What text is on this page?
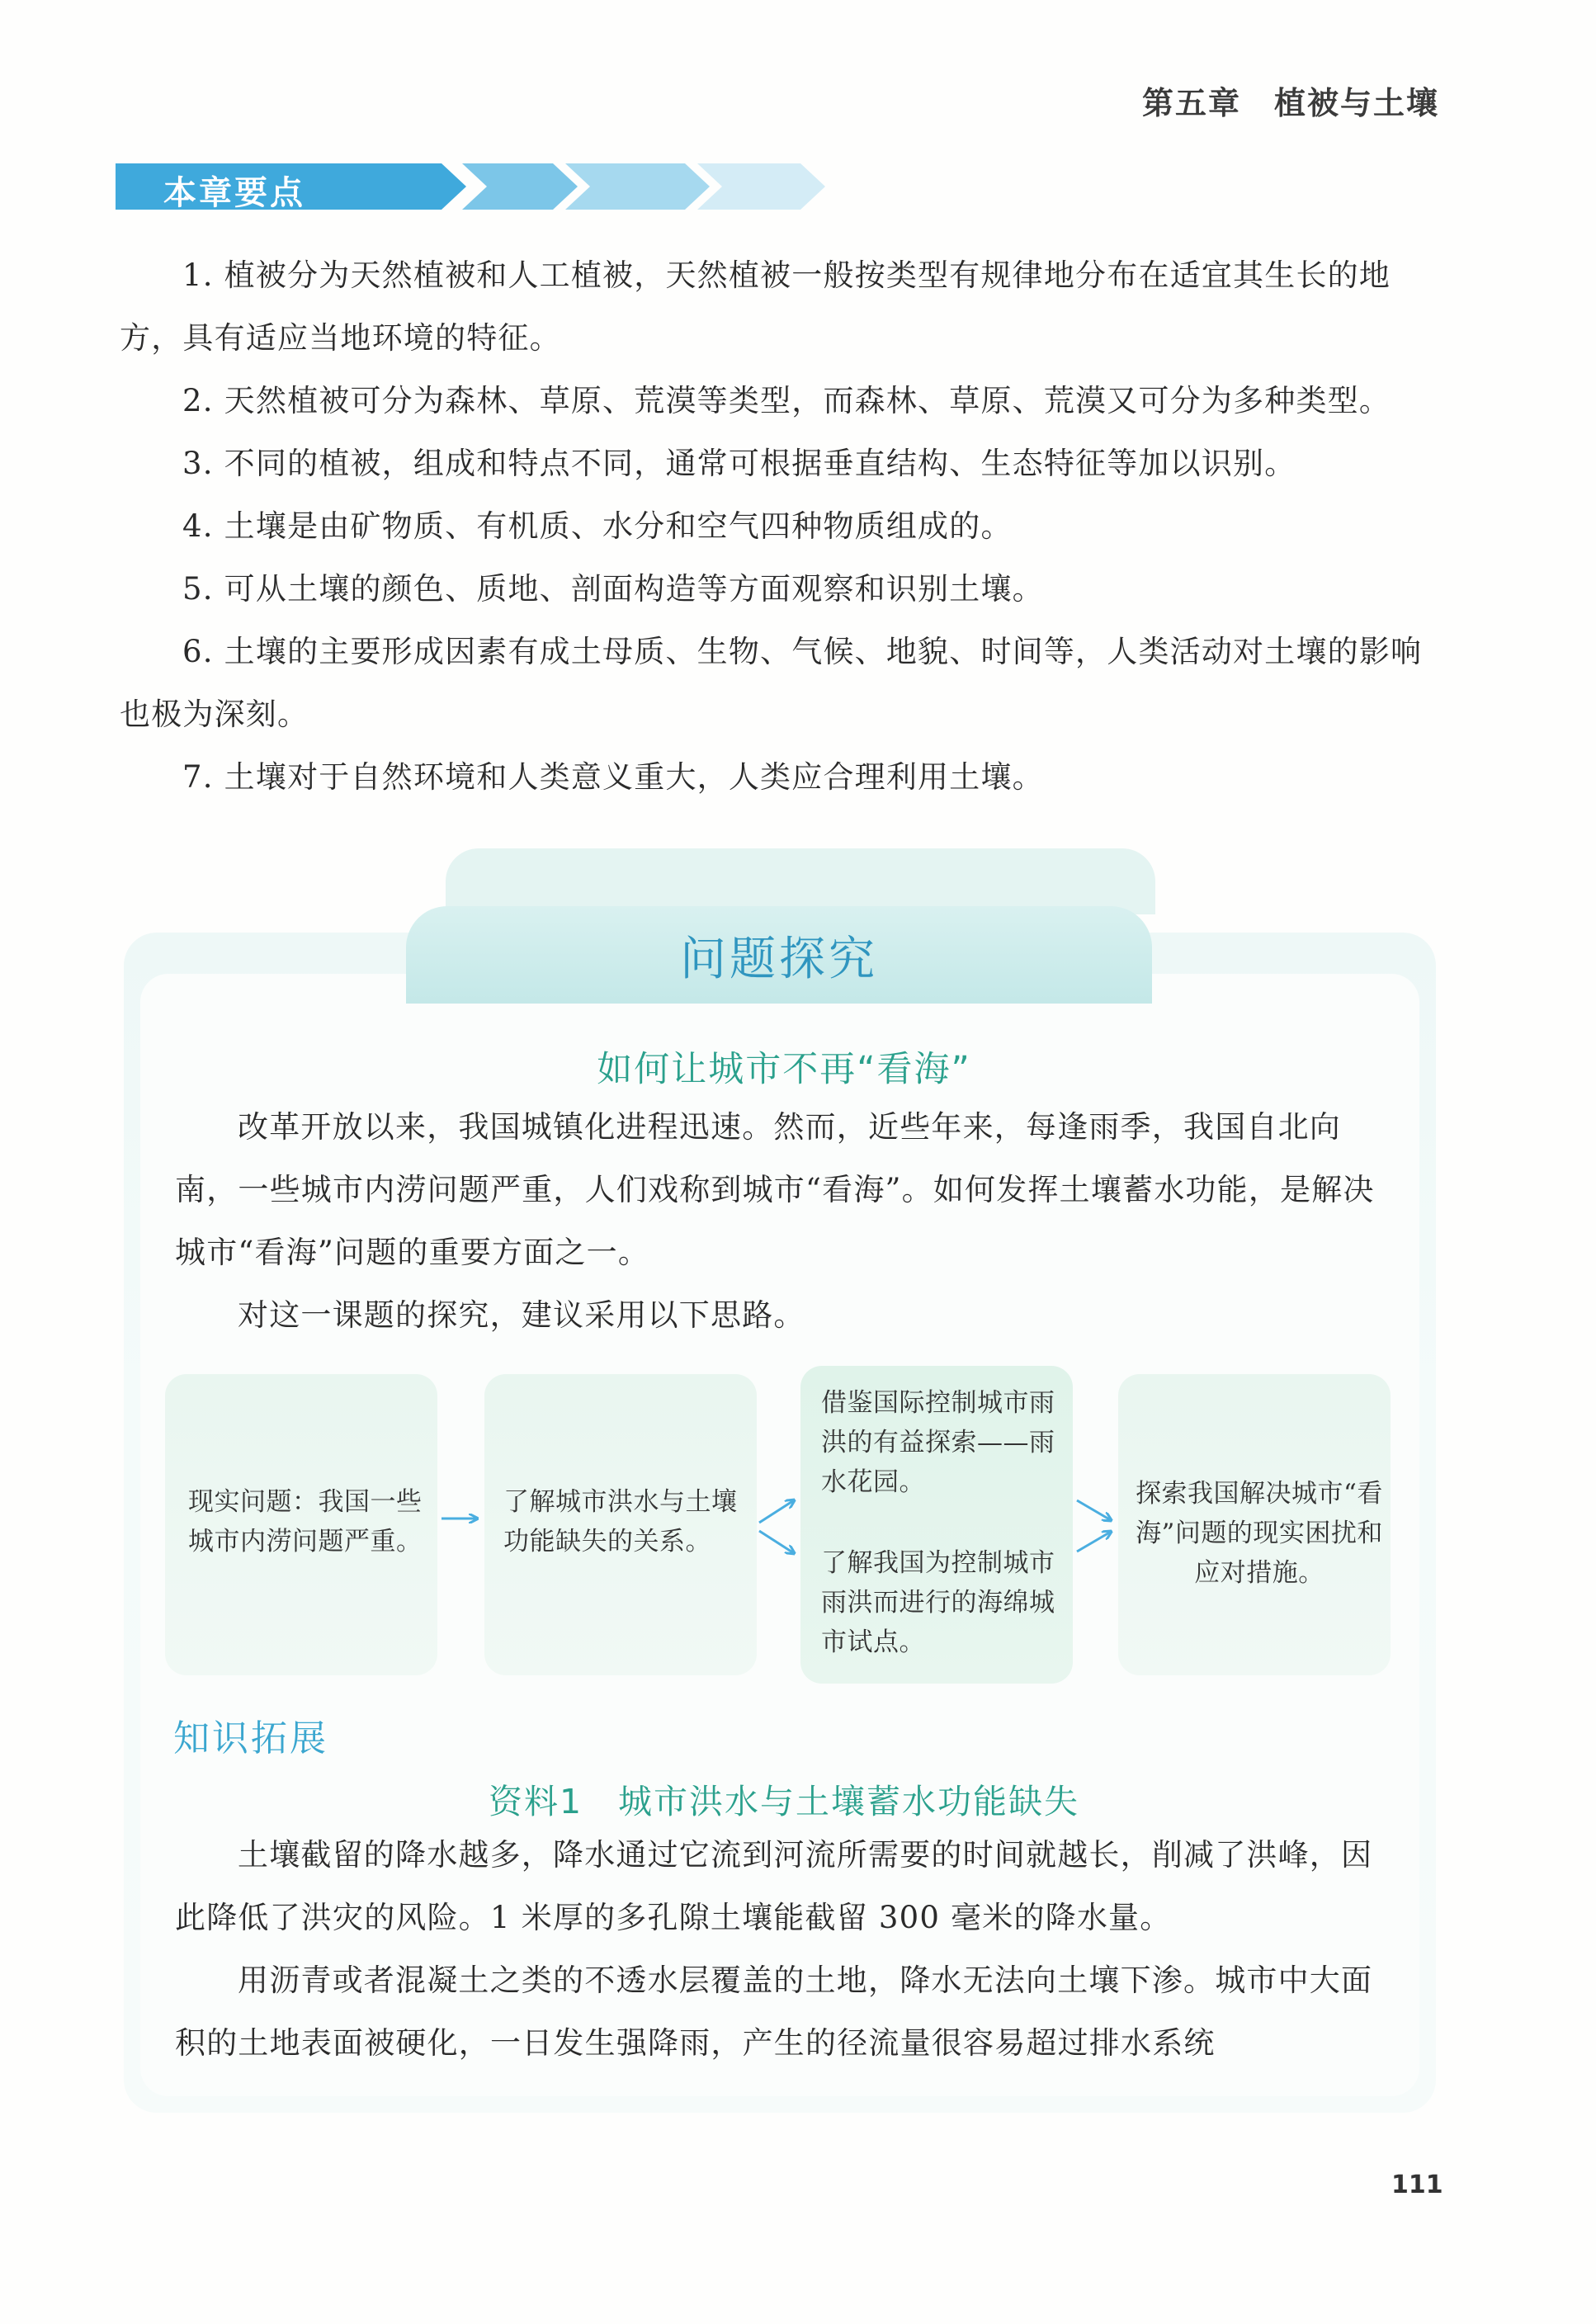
第五章　植被与土壤
本章要点

1. 植被分为天然植被和人工植被，天然植被一般按类型有规律地分布在适宜其生长的地方，具有适应当地环境的特征。

2. 天然植被可分为森林、草原、荒漠等类型，而森林、草原、荒漠又可分为多种类型。

3. 不同的植被，组成和特点不同，通常可根据垂直结构、生态特征等加以识别。

4. 土壤是由矿物质、有机质、水分和空气四种物质组成的。

5. 可从土壤的颜色、质地、剖面构造等方面观察和识别土壤。

6. 土壤的主要形成因素有成土母质、生物、气候、地貌、时间等，人类活动对土壤的影响也极为深刻。

7. 土壤对于自然环境和人类意义重大，人类应合理利用土壤。

问题探究
如何让城市不再“看海”

改革开放以来，我国城镇化进程迅速。然而，近些年来，每逢雨季，我国自北向南，一些城市内涝问题严重，人们戏称到城市“看海”。如何发挥土壤蓄水功能，是解决城市“看海”问题的重要方面之一。

对这一课题的探究，建议采用以下思路。

现实问题：我国一些城市内涝问题严重。
了解城市洪水与土壤功能缺失的关系。
借鉴国际控制城市雨洪的有益探索——雨水花园。
了解我国为控制城市雨洪而进行的海绵城市试点。
探索我国解决城市“看海”问题的现实困扰和应对措施。
知识拓展
资料1　城市洪水与土壤蓄水功能缺失

土壤截留的降水越多，降水通过它流到河流所需要的时间就越长，削减了洪峰，因此降低了洪灾的风险。1 米厚的多孔隙土壤能截留 300 毫米的降水量。

用沥青或者混凝土之类的不透水层覆盖的土地，降水无法向土壤下渗。城市中大面积的土地表面被硬化，一日发生强降雨，产生的径流量很容易超过排水系统

111
